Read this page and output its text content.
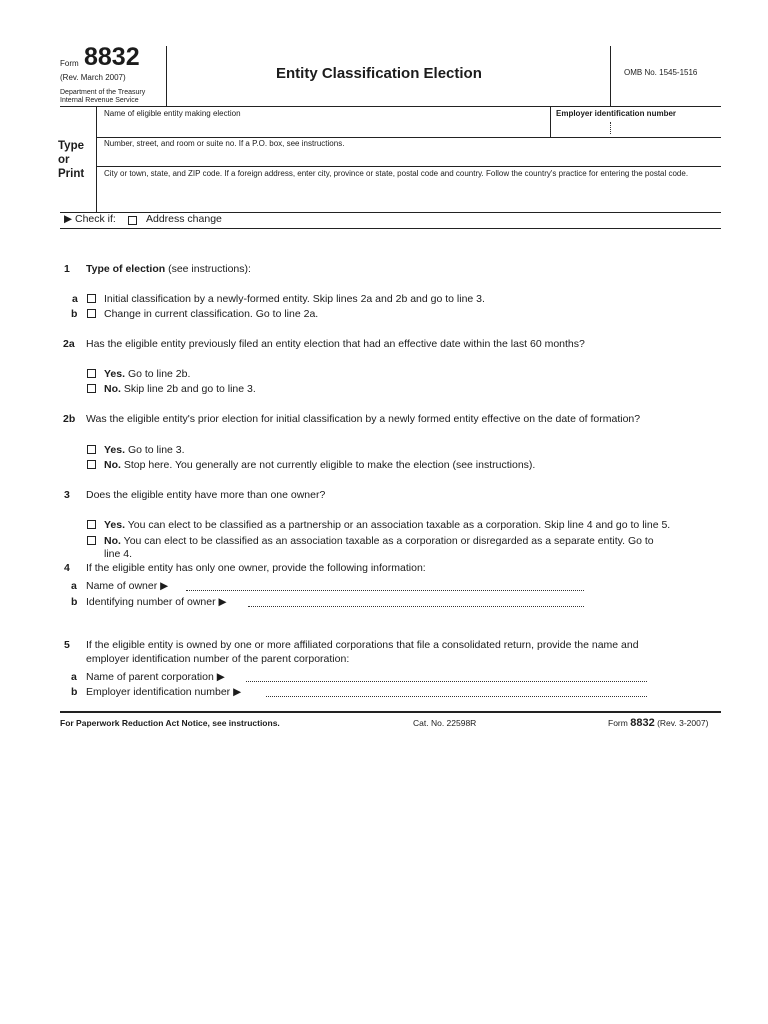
Form 8832
(Rev. March 2007)
Department of the Treasury
Internal Revenue Service
Entity Classification Election	OMB No. 1545-1516
Type
or
Print
Name of eligible entity making election	Employer identification number
Number, street, and room or suite no. If a P.O. box, see instructions.
City or town, state, and ZIP code. If a foreign address, enter city, province or state, postal code and country. Follow the country's practice for entering the postal code.
▶ Check if:	Address change
1 Type of election (see instructions):
a Initial classification by a newly-formed entity. Skip lines 2a and 2b and go to line 3.
b	Change in current classification. Go to line 2a.
2a Has the eligible entity previously filed an entity election that had an effective date within the last 60 months?
Yes. Go to line 2b.
No. Skip line 2b and go to line 3.
2b Was the eligible entity's prior election for initial classification by a newly formed entity effective on the date of formation?
Yes. Go to line 3.
No. Stop here. You generally are not currently eligible to make the election (see instructions).
3 Does the eligible entity have more than one owner?
Yes. You can elect to be classified as a partnership or an association taxable as a corporation. Skip line 4 and go to line 5.
No. You can elect to be classified as an association taxable as a corporation or disregarded as a separate entity. Go to
line 4.
4 If the eligible entity has only one owner, provide the following information:
a Name of owner ▶
b Identifying number of owner ▶
5 If the eligible entity is owned by one or more affiliated corporations that file a consolidated return, provide the name and
employer identification number of the parent corporation:
a Name of parent corporation ▶
b Employer identification number ▶
For Paperwork Reduction Act Notice, see instructions.	Cat. No. 22598R	Form 8832 (Rev. 3-2007)
